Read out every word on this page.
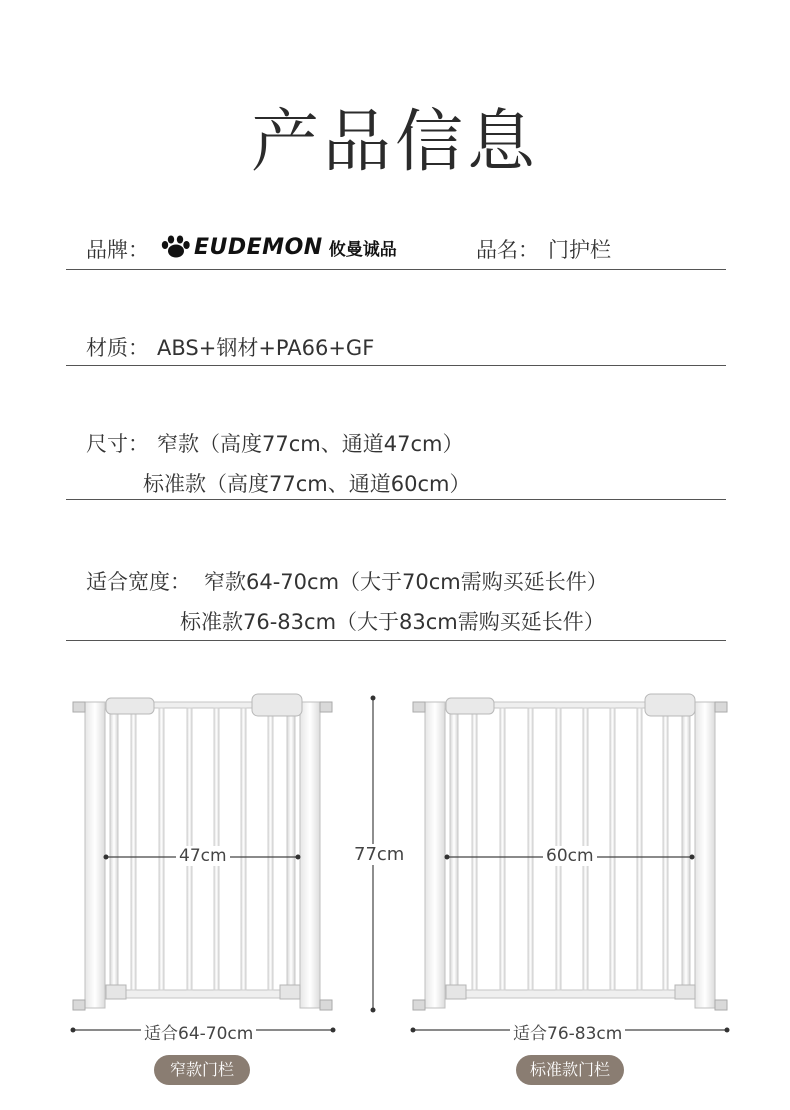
产品信息
品牌： EUDEMON 攸曼诚品	品名： 门护栏
材质： ABS+钢材+PA66+GF
尺寸： 窄款（高度77cm、通道47cm）
标准款（高度77cm、通道60cm）
适合宽度： 窄款64-70cm（大于70cm需购买延长件）
标准款76-83cm（大于83cm需购买延长件）
47cm	77cm	60cm
适合64-70cm	适合76-83cm
窄款门栏	标准款门栏
